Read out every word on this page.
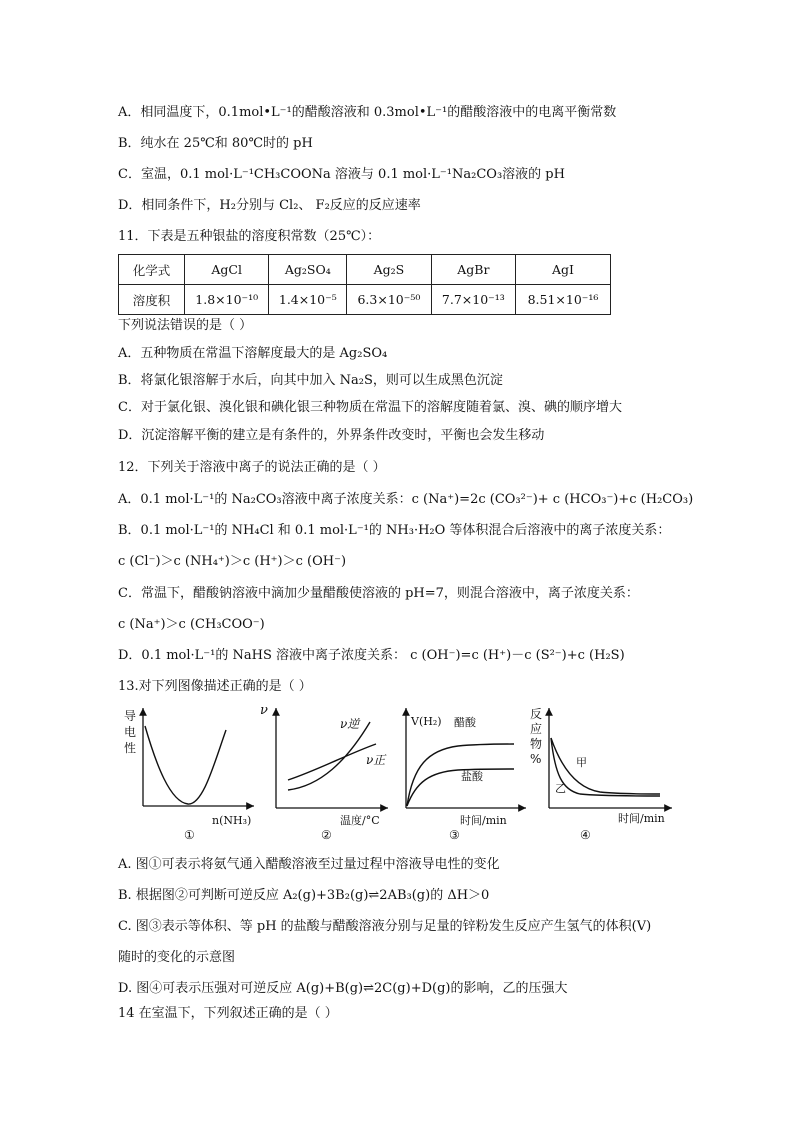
A．相同温度下，0.1mol•L⁻¹的醋酸溶液和 0.3mol•L⁻¹的醋酸溶液中的电离平衡常数
B．纯水在 25℃和 80℃时的 pH
C．室温，0.1 mol·L⁻¹CH₃COONa 溶液与 0.1 mol·L⁻¹Na₂CO₃溶液的 pH
D．相同条件下，H₂分别与 Cl₂、 F₂反应的反应速率
11．下表是五种银盐的溶度积常数（25℃）：
化学式	AgCl	Ag₂SO₄	Ag₂S	AgBr	AgI
溶度积	1.8×10⁻¹⁰	1.4×10⁻⁵	6.3×10⁻⁵⁰	7.7×10⁻¹³	8.51×10⁻¹⁶
下列说法错误的是（ ）
A．五种物质在常温下溶解度最大的是 Ag₂SO₄
B．将氯化银溶解于水后，向其中加入 Na₂S，则可以生成黑色沉淀
C．对于氯化银、溴化银和碘化银三种物质在常温下的溶解度随着氯、溴、碘的顺序增大
D．沉淀溶解平衡的建立是有条件的，外界条件改变时，平衡也会发生移动
12．下列关于溶液中离子的说法正确的是（ ）
A．0.1 mol·L⁻¹的 Na₂CO₃溶液中离子浓度关系：c (Na⁺)=2c (CO₃²⁻)+ c (HCO₃⁻)+c (H₂CO₃)
B．0.1 mol·L⁻¹的 NH₄Cl 和 0.1 mol·L⁻¹的 NH₃·H₂O 等体积混合后溶液中的离子浓度关系：
c (Cl⁻)＞c (NH₄⁺)＞c (H⁺)＞c (OH⁻)
C．常温下，醋酸钠溶液中滴加少量醋酸使溶液的 pH=7，则混合溶液中，离子浓度关系：
c (Na⁺)＞c (CH₃COO⁻)
D．0.1 mol·L⁻¹的 NaHS 溶液中离子浓度关系： c (OH⁻)=c (H⁺)－c (S²⁻)+c (H₂S)
13.对下列图像描述正确的是（ ）
导
电
性
n(NH₃)
①
ν
ν逆
ν正
温度/°C
②
V(H₂) 醋酸
盐酸
时间/min
③
反
应
物
%	甲
乙
时间/min
④
A. 图①可表示将氨气通入醋酸溶液至过量过程中溶液导电性的变化
B. 根据图②可判断可逆反应 A₂(g)+3B₂(g)⇌2AB₃(g)的 ΔH＞0
C. 图③表示等体积、等 pH 的盐酸与醋酸溶液分别与足量的锌粉发生反应产生氢气的体积(V)
随时的变化的示意图
D. 图④可表示压强对可逆反应 A(g)+B(g)⇌2C(g)+D(g)的影响，乙的压强大
14 在室温下，下列叙述正确的是（ ）
